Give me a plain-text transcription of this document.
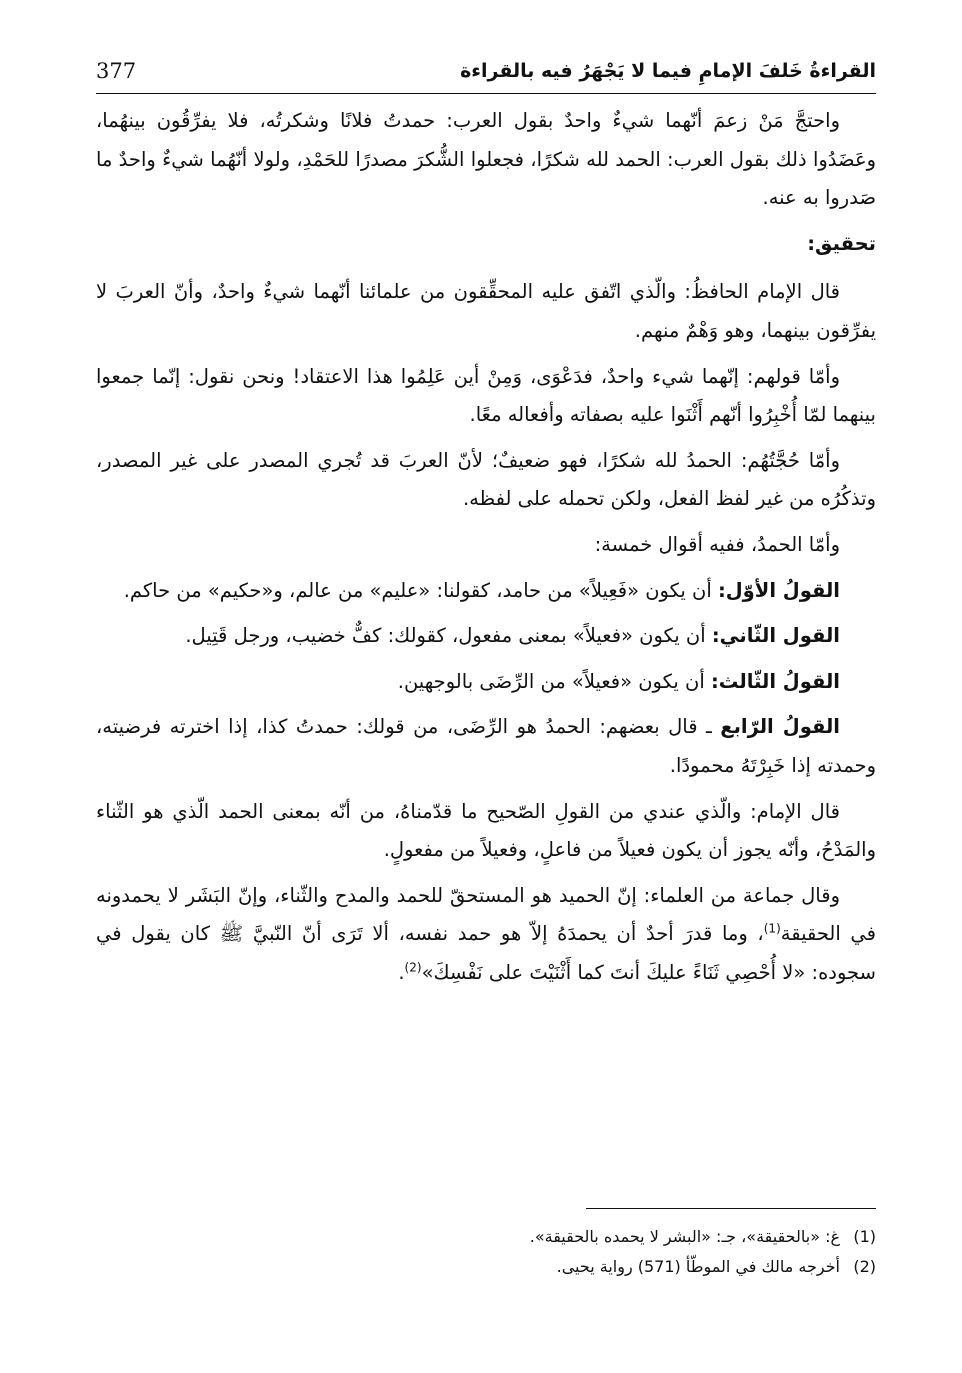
377	القراءةُ خَلفَ الإمامِ فيما لا يَجْهَرُ فيه بالقراءة

واحتجَّ مَنْ زعمَ أنّهما شيءٌ واحدٌ بقول العرب: حمدتُ فلانًا وشكرتُه، فلا يفرِّقُون بينهُما، وعَضَدُوا ذلك بقول العرب: الحمد لله شكرًا، فجعلوا الشُّكرَ مصدرًا للحَمْدِ، ولولا أنّهُما شيءٌ واحدٌ ما صَدروا به عنه.

تحقيق:

قال الإمام الحافظُ: والّذي اتّفق عليه المحقِّقون من علمائنا أنّهما شيءٌ واحدٌ، وأنّ العربَ لا يفرِّقون بينهما، وهو وَهْمٌ منهم.

وأمّا قولهم: إنّهما شيء واحدٌ، فدَعْوَى، وَمِنْ أين عَلِمُوا هذا الاعتقاد! ونحن نقول: إنّما جمعوا بينهما لمّا أُخْبِرُوا أنّهم أَثْنَوا عليه بصفاته وأفعاله معًا.

وأمّا حُجَّتُهُم: الحمدُ لله شكرًا، فهو ضعيفٌ؛ لأنّ العربَ قد تُجري المصدر على غير المصدر، وتذكُرُه من غير لفظ الفعل، ولكن تحمله على لفظه.

وأمّا الحمدُ، ففيه أقوال خمسة:

القولُ الأوّل: أن يكون «فَعِيلاً» من حامد، كقولنا: «عليم» من عالم، و«حكيم» من حاكم.

القول الثّاني: أن يكون «فعيلاً» بمعنى مفعول، كقولك: كفٌّ خضيب، ورجل قَتِيل.

القولُ الثّالث: أن يكون «فعيلاً» من الرِّضَى بالوجهين.

القولُ الرّابع ـ قال بعضهم: الحمدُ هو الرِّضَى، من قولك: حمدتُ كذا، إذا اخترته فرضيته، وحمدته إذا خَبِرْتَهُ محمودًا.

قال الإمام: والّذي عندي من القولِ الصّحيح ما قدّمناهُ، من أنّه بمعنى الحمد الّذي هو الثّناء والمَدْحُ، وأنّه يجوز أن يكون فعيلاً من فاعلٍ، وفعيلاً من مفعولٍ.

وقال جماعة من العلماء: إنّ الحميد هو المستحقّ للحمد والمدح والثّناء، وإنّ البَشَر لا يحمدونه في الحقيقة$^{(1)}$، وما قدرَ أحدٌ أن يحمدَهُ إلاّ هو حمد نفسه، ألا تَرَى أنّ النّبيَّ ﷺ كان يقول في سجوده: «لا أُحْصِي ثَنَاءً عليكَ أنتَ كما أَثْنَيْتَ على نَفْسِكَ»$^{(2)}$.

(1)
غ: «بالحقيقة»، جـ: «البشر لا يحمده بالحقيقة».
(2)
أخرجه مالك في الموطّأ (571) رواية يحيى.
